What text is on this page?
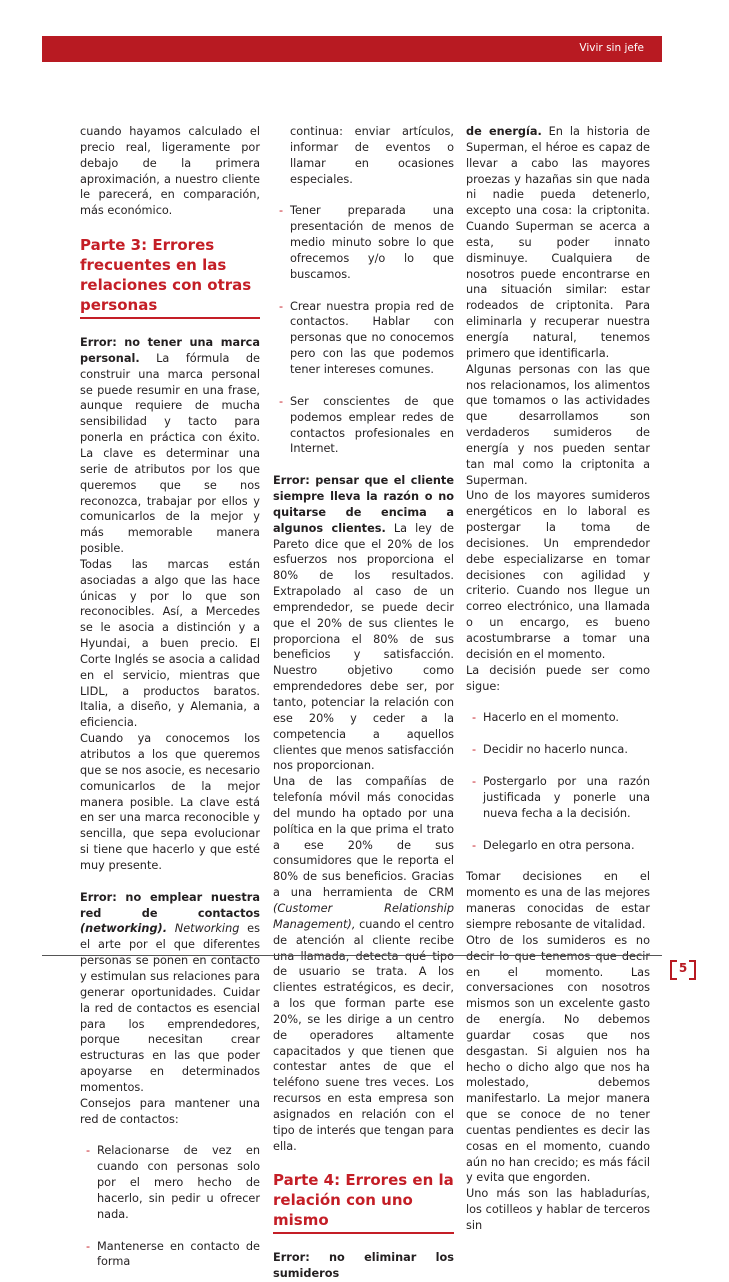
Vivir sin jefe

cuando hayamos calculado el precio real, ligeramente por debajo de la primera aproximación, a nuestro cliente le parecerá, en comparación, más económico.

Parte 3: Errores frecuentes en las relaciones con otras personas

Error: no tener una marca personal. La fórmula de construir una marca personal se puede resumir en una frase, aunque requiere de mucha sensibilidad y tacto para ponerla en práctica con éxito. La clave es determinar una serie de atributos por los que queremos que se nos reconozca, trabajar por ellos y comunicarlos de la mejor y más memorable manera posible.

Todas las marcas están asociadas a algo que las hace únicas y por lo que son reconocibles. Así, a Mercedes se le asocia a distinción y a Hyundai, a buen precio. El Corte Inglés se asocia a calidad en el servicio, mientras que LIDL, a productos baratos. Italia, a diseño, y Alemania, a eficiencia.

Cuando ya conocemos los atributos a los que queremos que se nos asocie, es necesario comunicarlos de la mejor manera posible. La clave está en ser una marca reconocible y sencilla, que sepa evolucionar si tiene que hacerlo y que esté muy presente.

Error: no emplear nuestra red de contactos (networking). Networking es el arte por el que diferentes personas se ponen en contacto y estimulan sus relaciones para generar oportunidades. Cuidar la red de contactos es esencial para los emprendedores, porque necesitan crear estructuras en las que poder apoyarse en determinados momentos.

Consejos para mantener una red de contactos:

- Relacionarse de vez en cuando con personas solo por el mero hecho de hacerlo, sin pedir u ofrecer nada.
- Mantenerse en contacto de forma
continua: enviar artículos, informar de eventos o llamar en ocasiones especiales.
- Tener preparada una presentación de menos de medio minuto sobre lo que ofrecemos y/o lo que buscamos.
- Crear nuestra propia red de contactos. Hablar con personas que no conocemos pero con las que podemos tener intereses comunes.
- Ser conscientes de que podemos emplear redes de contactos profesionales en Internet.

Error: pensar que el cliente siempre lleva la razón o no quitarse de encima a algunos clientes. La ley de Pareto dice que el 20% de los esfuerzos nos proporciona el 80% de los resultados. Extrapolado al caso de un emprendedor, se puede decir que el 20% de sus clientes le proporciona el 80% de sus beneficios y satisfacción. Nuestro objetivo como emprendedores debe ser, por tanto, potenciar la relación con ese 20% y ceder a la competencia a aquellos clientes que menos satisfacción nos proporcionan.

Una de las compañías de telefonía móvil más conocidas del mundo ha optado por una política en la que prima el trato a ese 20% de sus consumidores que le reporta el 80% de sus beneficios. Gracias a una herramienta de CRM (Customer Relationship Management), cuando el centro de atención al cliente recibe una llamada, detecta qué tipo de usuario se trata. A los clientes estratégicos, es decir, a los que forman parte ese 20%, se les dirige a un centro de operadores altamente capacitados y que tienen que contestar antes de que el teléfono suene tres veces. Los recursos en esta empresa son asignados en relación con el tipo de interés que tengan para ella.

Parte 4: Errores en la relación con uno mismo

Error: no eliminar los sumideros

de energía. En la historia de Superman, el héroe es capaz de llevar a cabo las mayores proezas y hazañas sin que nada ni nadie pueda detenerlo, excepto una cosa: la criptonita. Cuando Superman se acerca a esta, su poder innato disminuye. Cualquiera de nosotros puede encontrarse en una situación similar: estar rodeados de criptonita. Para eliminarla y recuperar nuestra energía natural, tenemos primero que identificarla.

Algunas personas con las que nos relacionamos, los alimentos que tomamos o las actividades que desarrollamos son verdaderos sumideros de energía y nos pueden sentar tan mal como la criptonita a Superman.

Uno de los mayores sumideros energéticos en lo laboral es postergar la toma de decisiones. Un emprendedor debe especializarse en tomar decisiones con agilidad y criterio. Cuando nos llegue un correo electrónico, una llamada o un encargo, es bueno acostumbrarse a tomar una decisión en el momento.

La decisión puede ser como sigue:

- Hacerlo en el momento.
- Decidir no hacerlo nunca.
- Postergarlo por una razón justificada y ponerle una nueva fecha a la decisión.
- Delegarlo en otra persona.

Tomar decisiones en el momento es una de las mejores maneras conocidas de estar siempre rebosante de vitalidad.

Otro de los sumideros es no decir lo que tenemos que decir en el momento. Las conversaciones con nosotros mismos son un excelente gasto de energía. No debemos guardar cosas que nos desgastan. Si alguien nos ha hecho o dicho algo que nos ha molestado, debemos manifestarlo. La mejor manera que se conoce de no tener cuentas pendientes es decir las cosas en el momento, cuando aún no han crecido; es más fácil y evita que engorden.

Uno más son las habladurías, los cotilleos y hablar de terceros sin

5
